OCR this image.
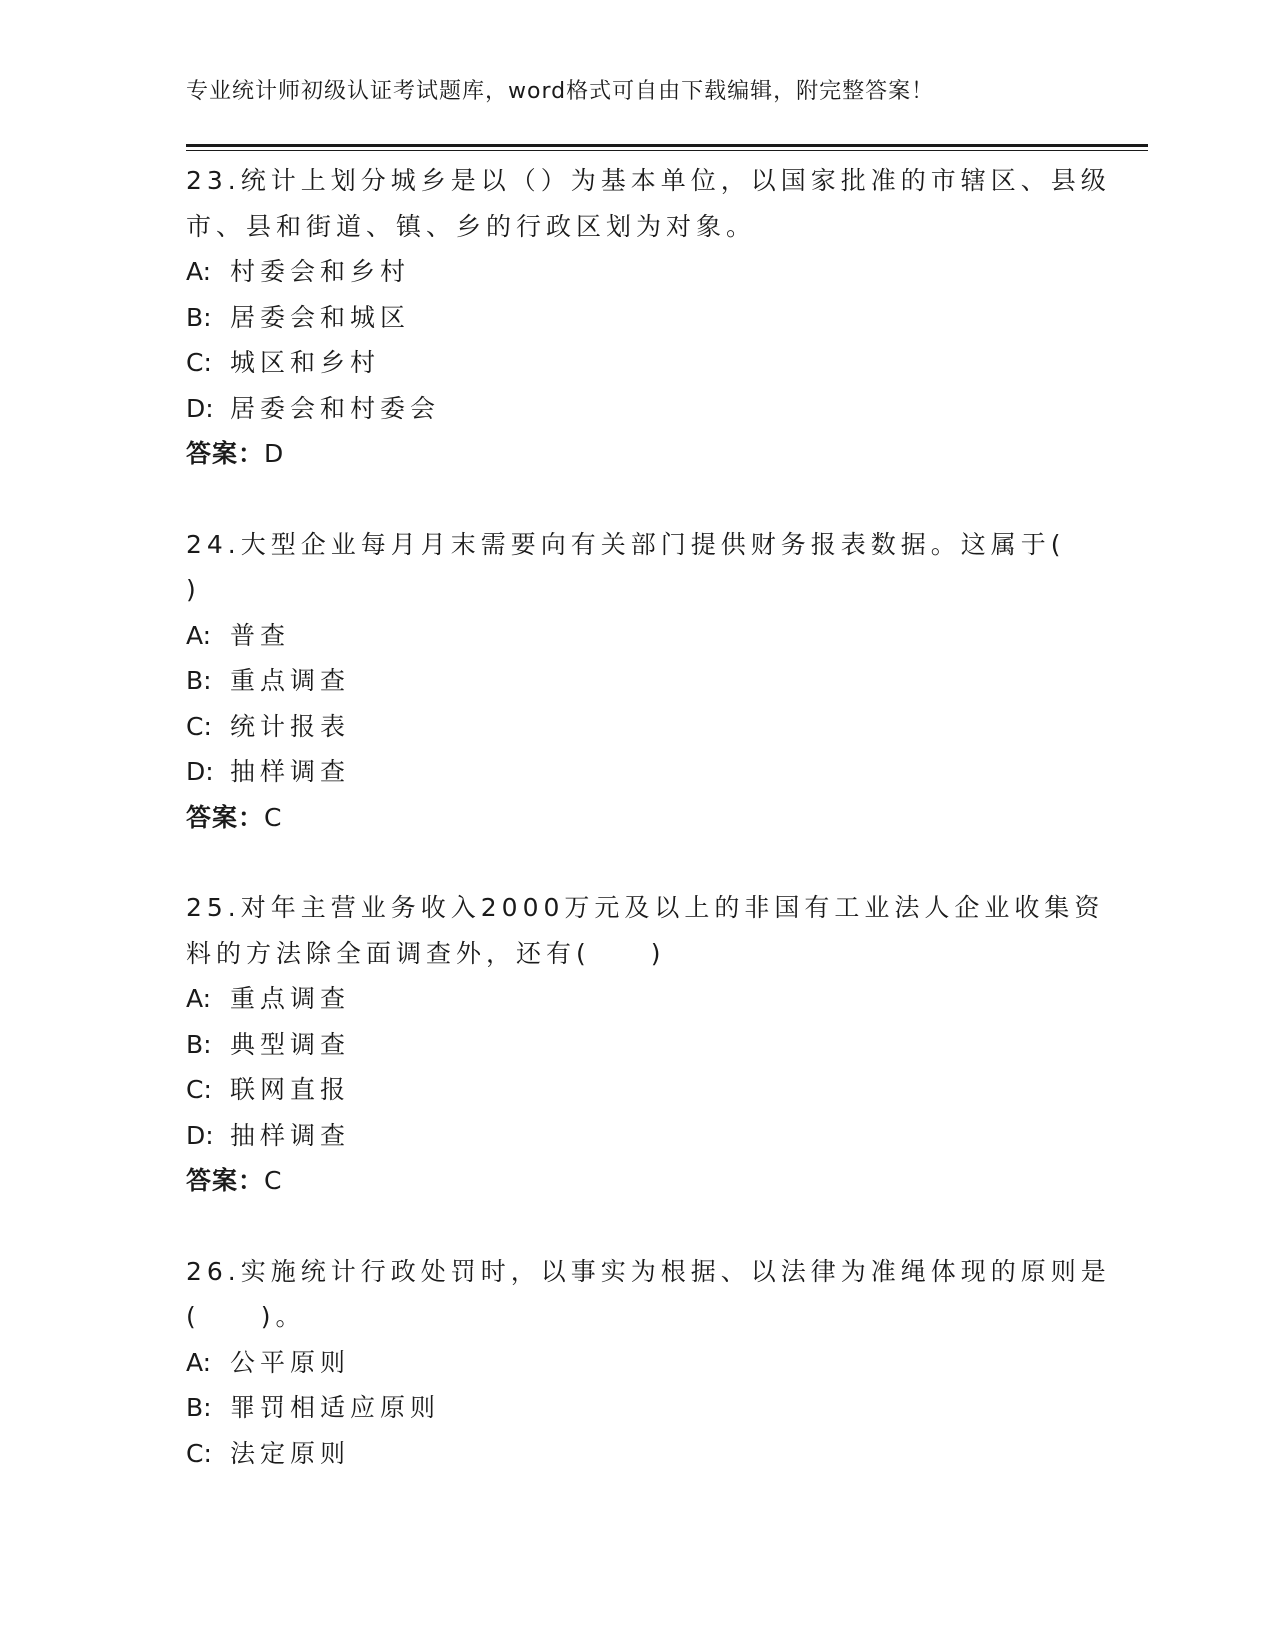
专业统计师初级认证考试题库，word格式可自由下载编辑，附完整答案！
23.统计上划分城乡是以（）为基本单位，以国家批准的市辖区、县级
市、县和街道、镇、乡的行政区划为对象。
A: 村委会和乡村
B: 居委会和城区
C: 城区和乡村
D: 居委会和村委会
答案：D
24.大型企业每月月末需要向有关部门提供财务报表数据。这属于(
)
A: 普查
B: 重点调查
C: 统计报表
D: 抽样调查
答案：C
25.对年主营业务收入2000万元及以上的非国有工业法人企业收集资
料的方法除全面调查外，还有(　　)
A: 重点调查
B: 典型调查
C: 联网直报
D: 抽样调查
答案：C
26.实施统计行政处罚时，以事实为根据、以法律为准绳体现的原则是
(　　)。
A: 公平原则
B: 罪罚相适应原则
C: 法定原则
